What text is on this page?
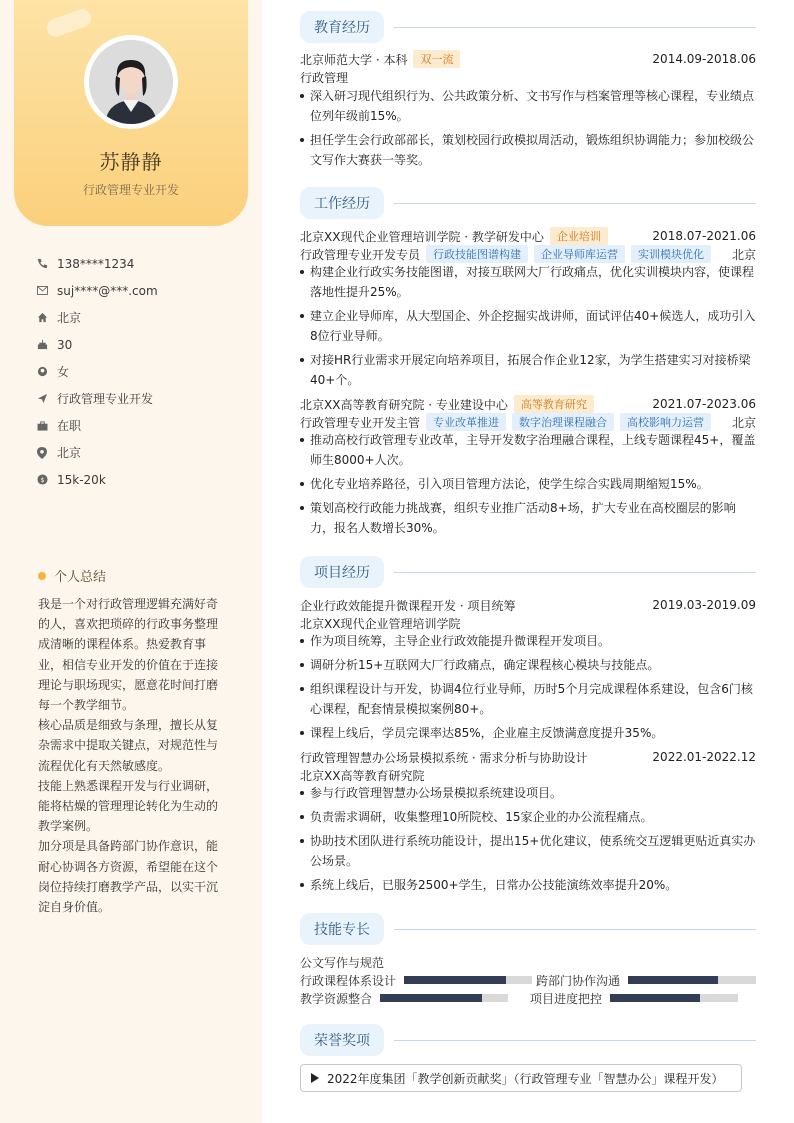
苏静静
行政管理专业开发
138****1234
suj****@***.com
北京
30
女
行政管理专业开发
在职
北京
$ 15k-20k
个人总结

我是一个对行政管理逻辑充满好奇的人，喜欢把琐碎的行政事务整理成清晰的课程体系。热爱教育事业，相信专业开发的价值在于连接理论与职场现实，愿意花时间打磨每一个教学细节。

核心品质是细致与条理，擅长从复杂需求中提取关键点，对规范性与流程优化有天然敏感度。

技能上熟悉课程开发与行业调研，能将枯燥的管理理论转化为生动的教学案例。

加分项是具备跨部门协作意识，能耐心协调各方资源，希望能在这个岗位持续打磨教学产品，以实干沉淀自身价值。

教育经历
北京师范大学 · 本科	双一流	2014.09-2018.06
行政管理
深入研习现代组织行为、公共政策分析、文书写作与档案管理等核心课程，专业绩点位列年级前15%。
担任学生会行政部部长，策划校园行政模拟周活动，锻炼组织协调能力；参加校级公文写作大赛获一等奖。
工作经历
北京XX现代企业管理培训学院 · 教学研发中心	企业培训	2018.07-2021.06
行政管理专业开发专员	行政技能图谱构建	企业导师库运营	实训模块优化	北京
构建企业行政实务技能图谱，对接互联网大厂行政痛点，优化实训模块内容，使课程落地性提升25%。
建立企业导师库，从大型国企、外企挖掘实战讲师，面试评估40+候选人，成功引入8位行业导师。
对接HR行业需求开展定向培养项目，拓展合作企业12家，为学生搭建实习对接桥梁40+个。
北京XX高等教育研究院 · 专业建设中心	高等教育研究	2021.07-2023.06
行政管理专业开发主管	专业改革推进	数字治理课程融合	高校影响力运营	北京
推动高校行政管理专业改革，主导开发数字治理融合课程，上线专题课程45+，覆盖师生8000+人次。
优化专业培养路径，引入项目管理方法论，使学生综合实践周期缩短15%。
策划高校行政能力挑战赛，组织专业推广活动8+场，扩大专业在高校圈层的影响力，报名人数增长30%。
项目经历
企业行政效能提升微课程开发 · 项目统筹	2019.03-2019.09
北京XX现代企业管理培训学院
作为项目统筹，主导企业行政效能提升微课程开发项目。
调研分析15+互联网大厂行政痛点，确定课程核心模块与技能点。
组织课程设计与开发，协调4位行业导师，历时5个月完成课程体系建设，包含6门核心课程，配套情景模拟案例80+。
课程上线后，学员完课率达85%，企业雇主反馈满意度提升35%。
行政管理智慧办公场景模拟系统 · 需求分析与协助设计	2022.01-2022.12
北京XX高等教育研究院
参与行政管理智慧办公场景模拟系统建设项目。
负责需求调研，收集整理10所院校、15家企业的办公流程痛点。
协助技术团队进行系统功能设计，提出15+优化建议，使系统交互逻辑更贴近真实办公场景。
系统上线后，已服务2500+学生，日常办公技能演练效率提升20%。
技能专长
公文写作与规范
行政课程体系设计	跨部门协作沟通
教学资源整合	项目进度把控
荣誉奖项
2022年度集团「教学创新贡献奖」（行政管理专业「智慧办公」课程开发）
